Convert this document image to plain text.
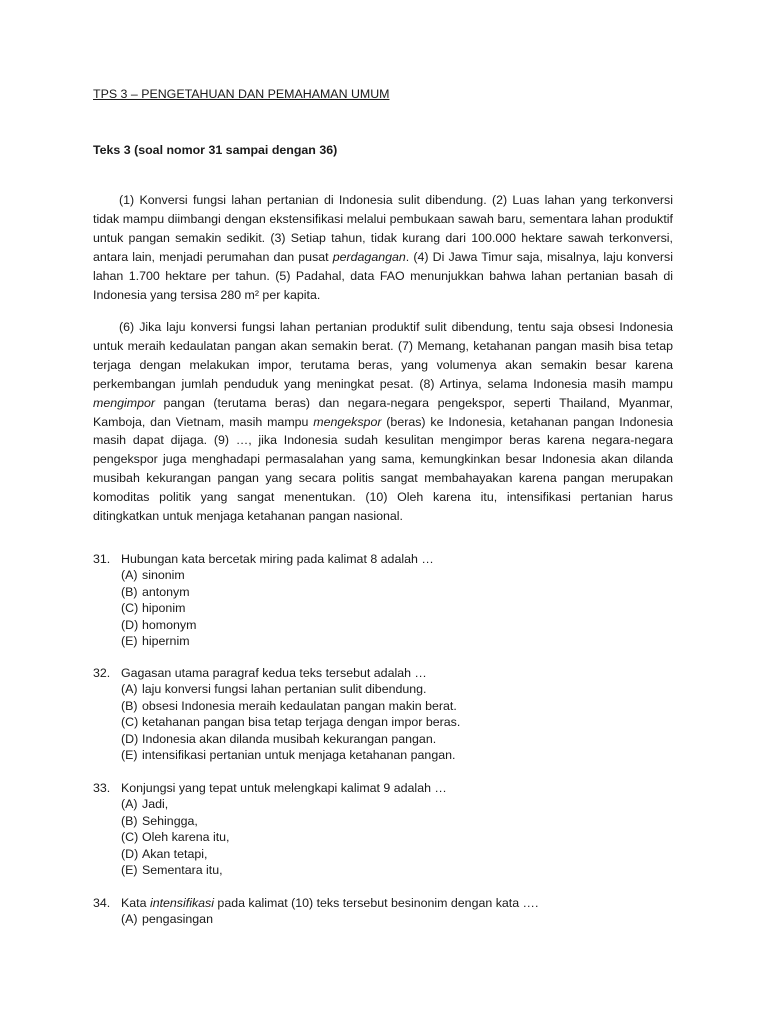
TPS 3 – PENGETAHUAN DAN PEMAHAMAN UMUM
Teks 3 (soal nomor 31 sampai dengan 36)

(1) Konversi fungsi lahan pertanian di Indonesia sulit dibendung. (2) Luas lahan yang terkonversi tidak mampu diimbangi dengan ekstensifikasi melalui pembukaan sawah baru, sementara lahan produktif untuk pangan semakin sedikit. (3) Setiap tahun, tidak kurang dari 100.000 hektare sawah terkonversi, antara lain, menjadi perumahan dan pusat perdagangan. (4) Di Jawa Timur saja, misalnya, laju konversi lahan 1.700 hektare per tahun. (5) Padahal, data FAO menunjukkan bahwa lahan pertanian basah di Indonesia yang tersisa 280 m² per kapita.

(6) Jika laju konversi fungsi lahan pertanian produktif sulit dibendung, tentu saja obsesi Indonesia untuk meraih kedaulatan pangan akan semakin berat. (7) Memang, ketahanan pangan masih bisa tetap terjaga dengan melakukan impor, terutama beras, yang volumenya akan semakin besar karena perkembangan jumlah penduduk yang meningkat pesat. (8) Artinya, selama Indonesia masih mampu mengimpor pangan (terutama beras) dan negara-negara pengekspor, seperti Thailand, Myanmar, Kamboja, dan Vietnam, masih mampu mengekspor (beras) ke Indonesia, ketahanan pangan Indonesia masih dapat dijaga. (9) …, jika Indonesia sudah kesulitan mengimpor beras karena negara-negara pengekspor juga menghadapi permasalahan yang sama, kemungkinkan besar Indonesia akan dilanda musibah kekurangan pangan yang secara politis sangat membahayakan karena pangan merupakan komoditas politik yang sangat menentukan. (10) Oleh karena itu, intensifikasi pertanian harus ditingkatkan untuk menjaga ketahanan pangan nasional.

31. Hubungan kata bercetak miring pada kalimat 8 adalah …
(A) sinonim
(B) antonym
(C) hiponim
(D) homonym
(E) hipernim
32. Gagasan utama paragraf kedua teks tersebut adalah …
(A) laju konversi fungsi lahan pertanian sulit dibendung.
(B) obsesi Indonesia meraih kedaulatan pangan makin berat.
(C) ketahanan pangan bisa tetap terjaga dengan impor beras.
(D) Indonesia akan dilanda musibah kekurangan pangan.
(E) intensifikasi pertanian untuk menjaga ketahanan pangan.
33. Konjungsi yang tepat untuk melengkapi kalimat 9 adalah …
(A) Jadi,
(B) Sehingga,
(C) Oleh karena itu,
(D) Akan tetapi,
(E) Sementara itu,
34. Kata intensifikasi pada kalimat (10) teks tersebut besinonim dengan kata ….
(A) pengasingan
